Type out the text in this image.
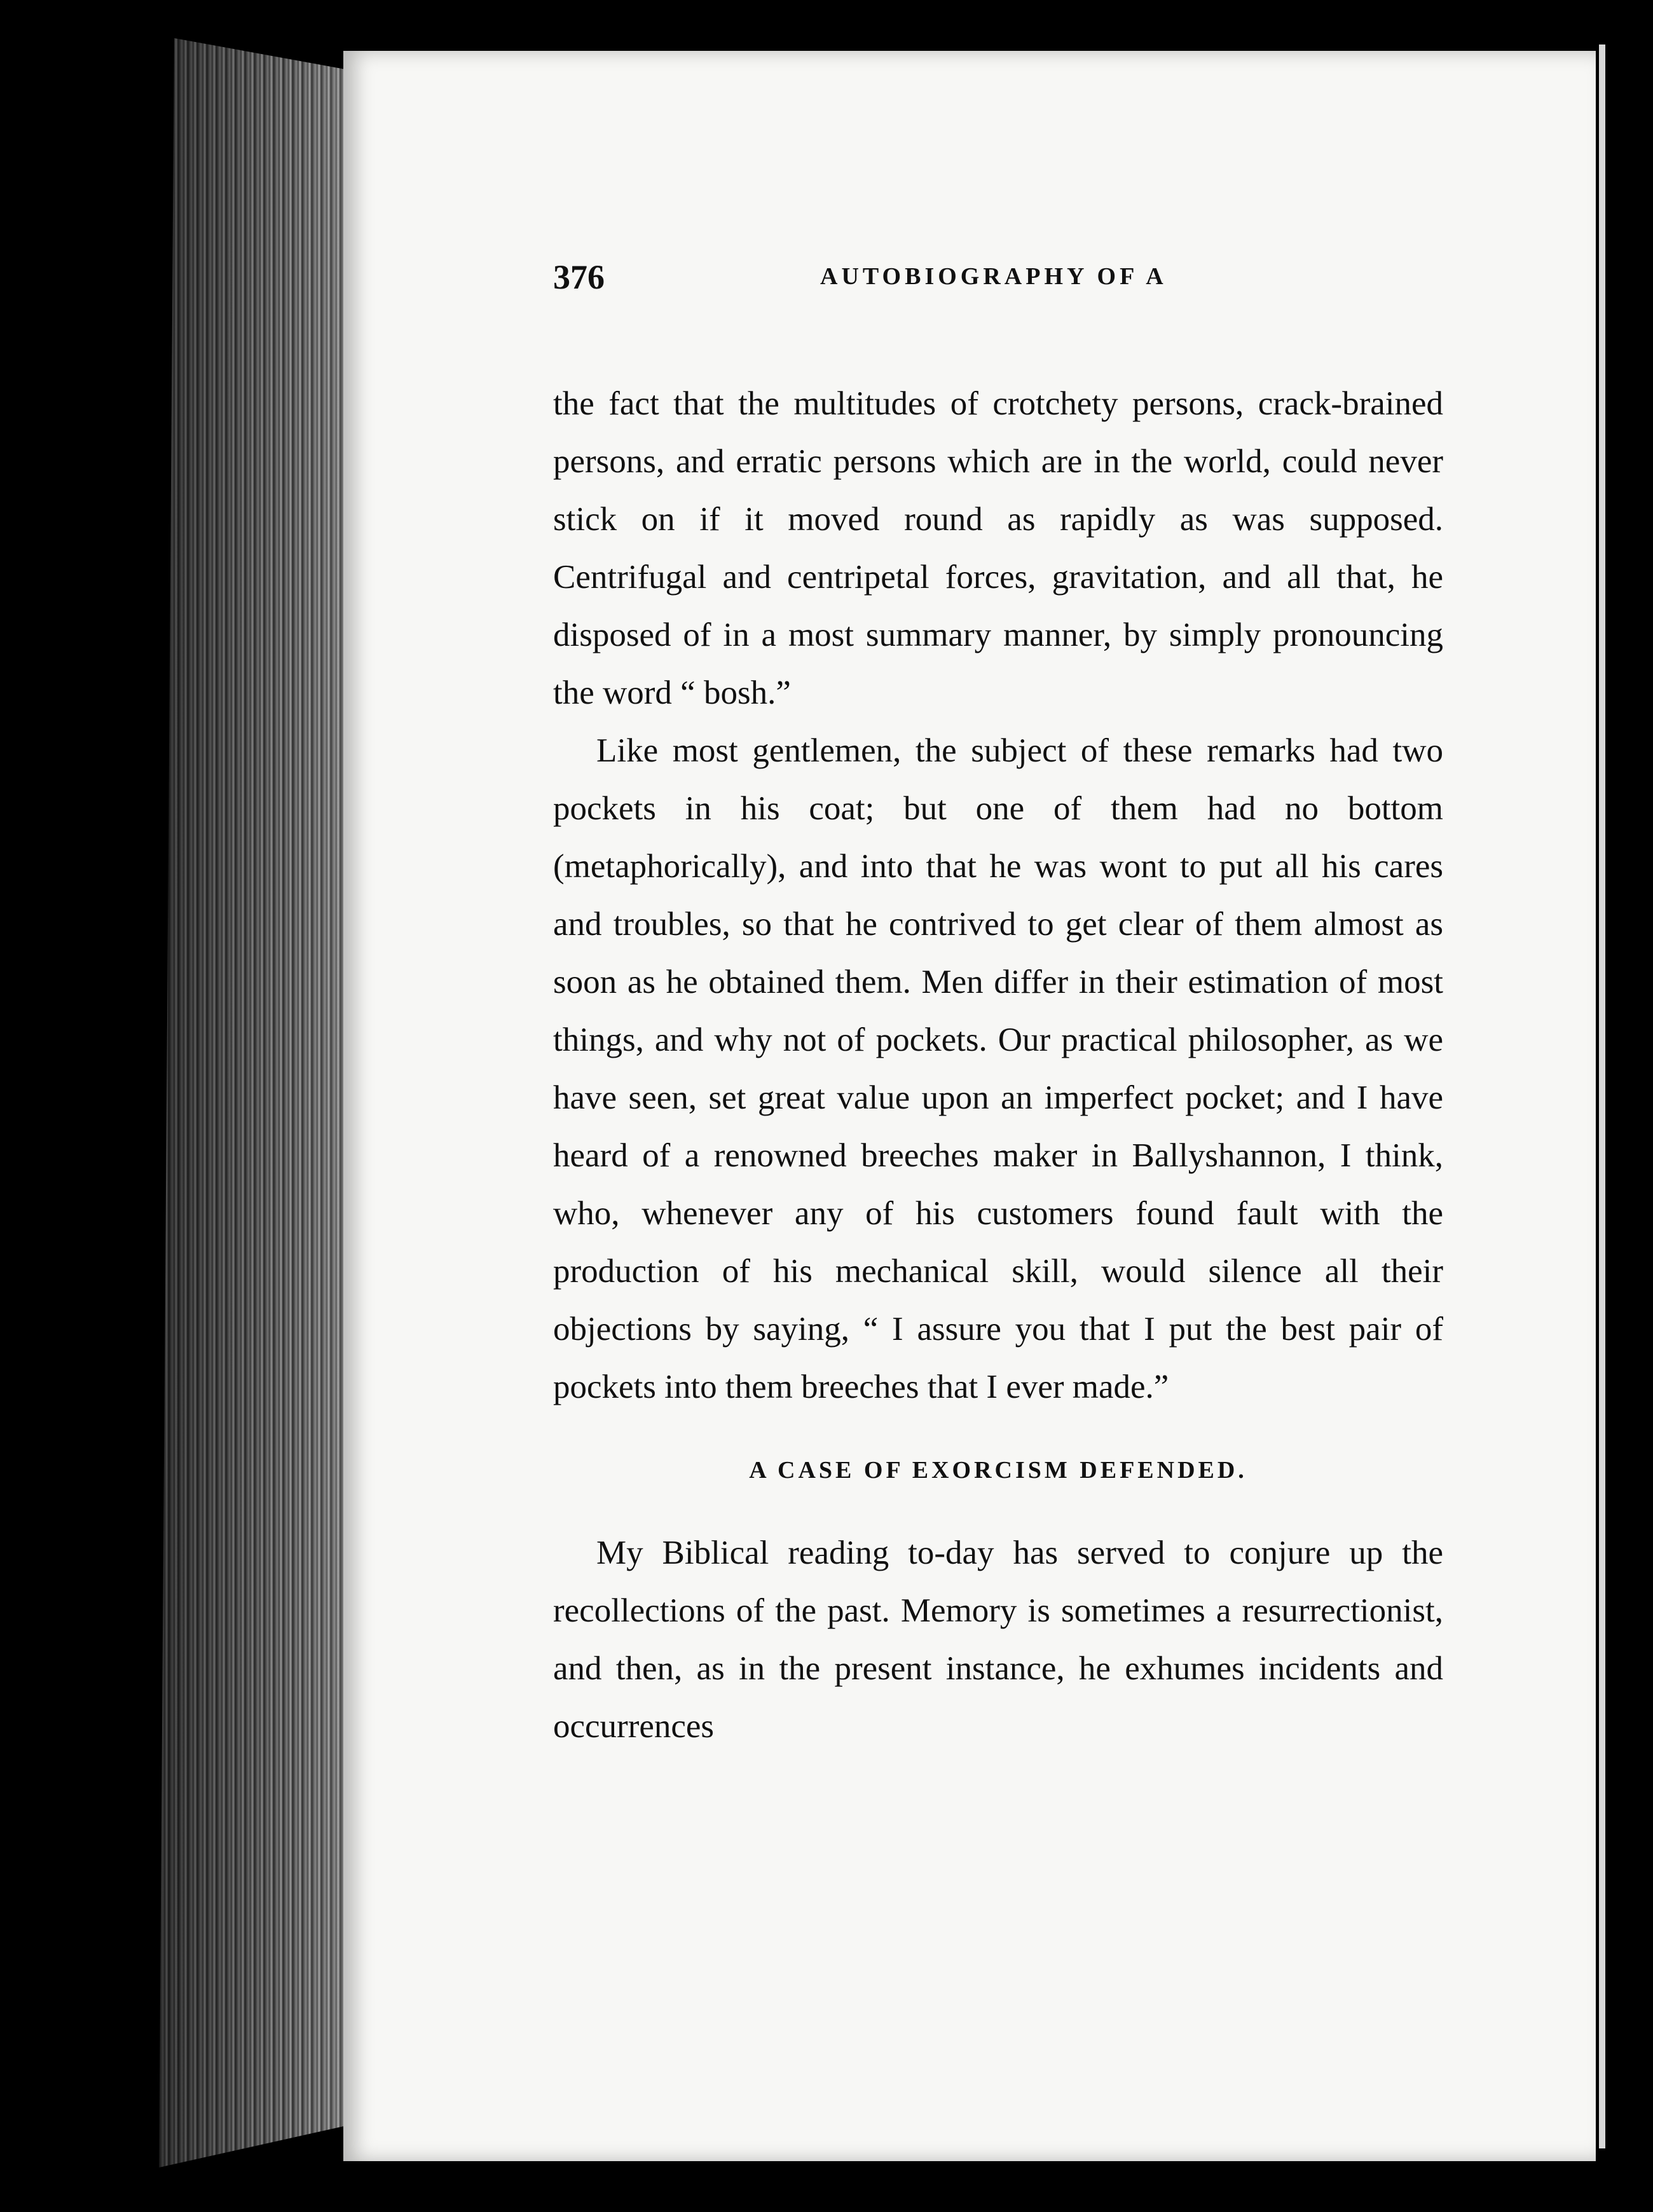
376	AUTOBIOGRAPHY OF A

the fact that the multitudes of crotchety persons, crack-brained persons, and erratic persons which are in the world, could never stick on if it moved round as rapidly as was supposed. Centrifugal and centripetal forces, gravitation, and all that, he disposed of in a most summary manner, by simply pronouncing the word “ bosh.”

Like most gentlemen, the subject of these remarks had two pockets in his coat; but one of them had no bottom (metaphorically), and into that he was wont to put all his cares and troubles, so that he contrived to get clear of them almost as soon as he obtained them. Men differ in their estimation of most things, and why not of pockets. Our practical philosopher, as we have seen, set great value upon an imperfect pocket; and I have heard of a renowned breeches maker in Ballyshannon, I think, who, whenever any of his customers found fault with the production of his mechanical skill, would silence all their objections by saying, “ I assure you that I put the best pair of pockets into them breeches that I ever made.”

A CASE OF EXORCISM DEFENDED.

My Biblical reading to-day has served to conjure up the recollections of the past. Memory is sometimes a resurrectionist, and then, as in the present instance, he exhumes incidents and occurrences
